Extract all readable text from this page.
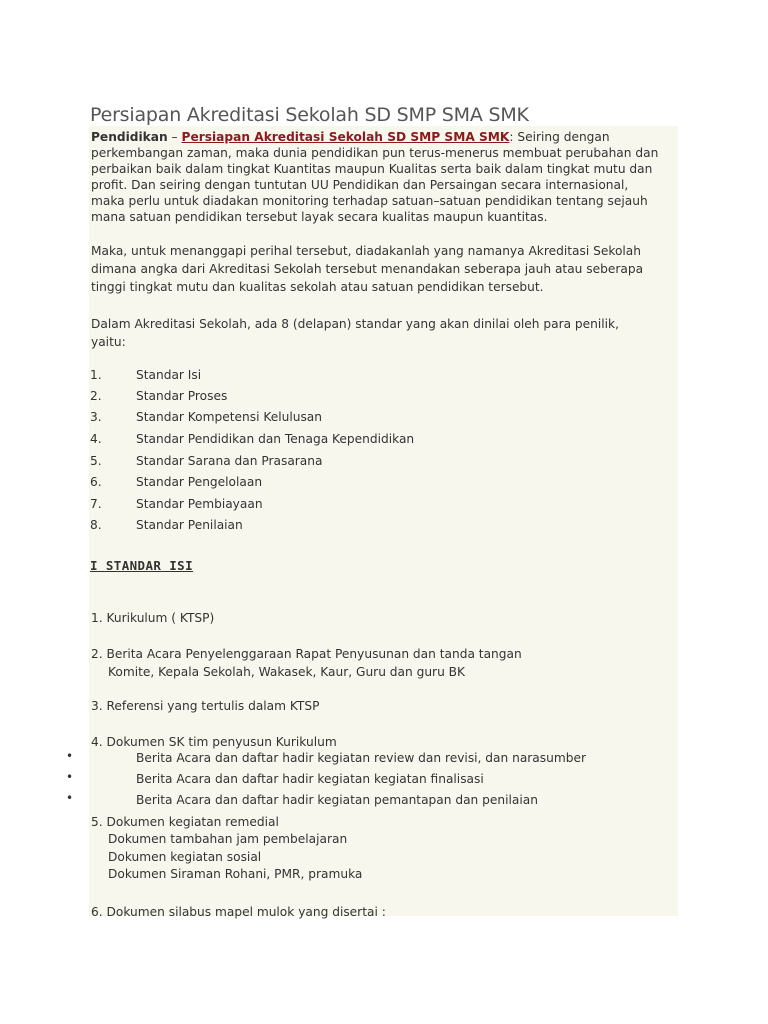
Persiapan Akreditasi Sekolah SD SMP SMA SMK
Pendidikan – Persiapan Akreditasi Sekolah SD SMP SMA SMK: Seiring dengan
perkembangan zaman, maka dunia pendidikan pun terus-menerus membuat perubahan dan
perbaikan baik dalam tingkat Kuantitas maupun Kualitas serta baik dalam tingkat mutu dan
profit. Dan seiring dengan tuntutan UU Pendidikan dan Persaingan secara internasional,
maka perlu untuk diadakan monitoring terhadap satuan–satuan pendidikan tentang sejauh
mana satuan pendidikan tersebut layak secara kualitas maupun kuantitas.
Maka, untuk menanggapi perihal tersebut, diadakanlah yang namanya Akreditasi Sekolah
dimana angka dari Akreditasi Sekolah tersebut menandakan seberapa jauh atau seberapa
tinggi tingkat mutu dan kualitas sekolah atau satuan pendidikan tersebut.
Dalam Akreditasi Sekolah, ada 8 (delapan) standar yang akan dinilai oleh para penilik,
yaitu:
1.	Standar Isi
2.	Standar Proses
3.	Standar Kompetensi Kelulusan
4.	Standar Pendidikan dan Tenaga Kependidikan
5.	Standar Sarana dan Prasarana
6.	Standar Pengelolaan
7.	Standar Pembiayaan
8.	Standar Penilaian
I STANDAR ISI
1. Kurikulum ( KTSP)
2. Berita Acara Penyelenggaraan Rapat Penyusunan dan tanda tangan
Komite, Kepala Sekolah, Wakasek, Kaur, Guru dan guru BK
3. Referensi yang tertulis dalam KTSP
4. Dokumen SK tim penyusun Kurikulum
•	Berita Acara dan daftar hadir kegiatan review dan revisi, dan narasumber
•	Berita Acara dan daftar hadir kegiatan kegiatan finalisasi
•	Berita Acara dan daftar hadir kegiatan pemantapan dan penilaian
5. Dokumen kegiatan remedial
Dokumen tambahan jam pembelajaran
Dokumen kegiatan sosial
Dokumen Siraman Rohani, PMR, pramuka
6. Dokumen silabus mapel mulok yang disertai :
